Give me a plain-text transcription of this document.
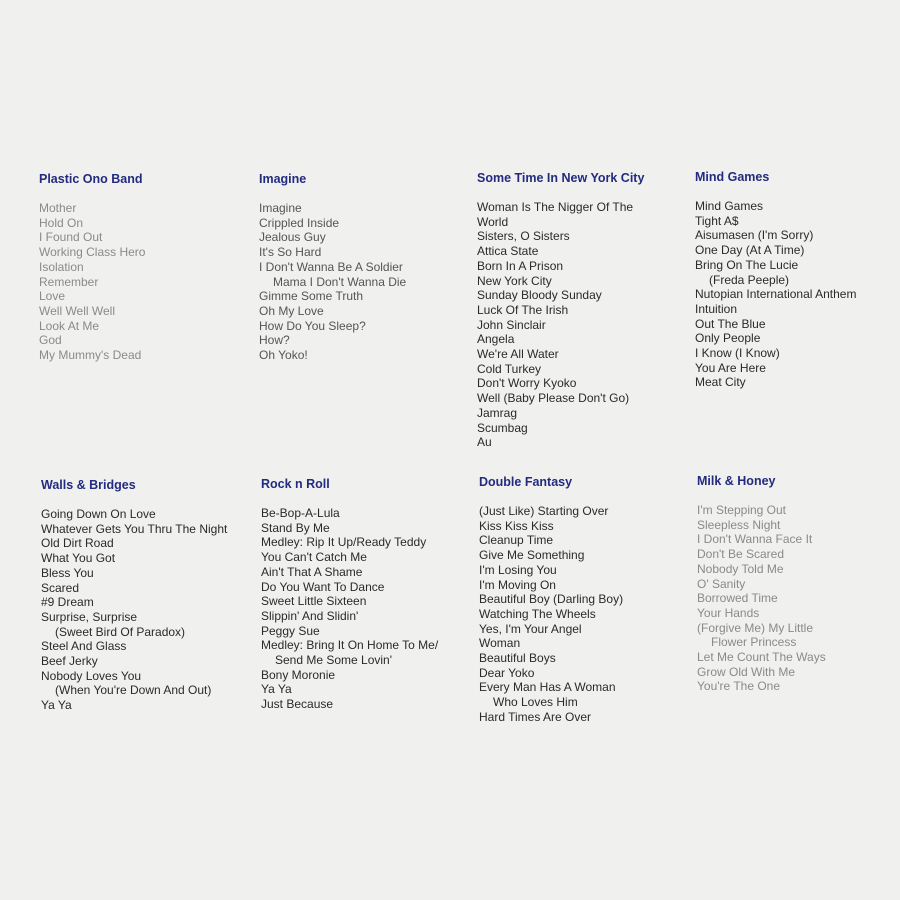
Plastic Ono Band
Mother
Hold On
I Found Out
Working Class Hero
Isolation
Remember
Love
Well Well Well
Look At Me
God
My Mummy's Dead
Imagine
Imagine
Crippled Inside
Jealous Guy
It's So Hard
I Don't Wanna Be A Soldier
Mama I Don't Wanna Die
Gimme Some Truth
Oh My Love
How Do You Sleep?
How?
Oh Yoko!
Some Time In New York City
Woman Is The Nigger Of The
World
Sisters, O Sisters
Attica State
Born In A Prison
New York City
Sunday Bloody Sunday
Luck Of The Irish
John Sinclair
Angela
We're All Water
Cold Turkey
Don't Worry Kyoko
Well (Baby Please Don't Go)
Jamrag
Scumbag
Au
Mind Games
Mind Games
Tight A$
Aisumasen (I'm Sorry)
One Day (At A Time)
Bring On The Lucie
(Freda Peeple)
Nutopian International Anthem
Intuition
Out The Blue
Only People
I Know (I Know)
You Are Here
Meat City
Walls & Bridges
Going Down On Love
Whatever Gets You Thru The Night
Old Dirt Road
What You Got
Bless You
Scared
#9 Dream
Surprise, Surprise
(Sweet Bird Of Paradox)
Steel And Glass
Beef Jerky
Nobody Loves You
(When You're Down And Out)
Ya Ya
Rock n Roll
Be-Bop-A-Lula
Stand By Me
Medley: Rip It Up/Ready Teddy
You Can't Catch Me
Ain't That A Shame
Do You Want To Dance
Sweet Little Sixteen
Slippin' And Slidin'
Peggy Sue
Medley: Bring It On Home To Me/
Send Me Some Lovin'
Bony Moronie
Ya Ya
Just Because
Double Fantasy
(Just Like) Starting Over
Kiss Kiss Kiss
Cleanup Time
Give Me Something
I'm Losing You
I'm Moving On
Beautiful Boy (Darling Boy)
Watching The Wheels
Yes, I'm Your Angel
Woman
Beautiful Boys
Dear Yoko
Every Man Has A Woman
Who Loves Him
Hard Times Are Over
Milk & Honey
I'm Stepping Out
Sleepless Night
I Don't Wanna Face It
Don't Be Scared
Nobody Told Me
O' Sanity
Borrowed Time
Your Hands
(Forgive Me) My Little
Flower Princess
Let Me Count The Ways
Grow Old With Me
You're The One
